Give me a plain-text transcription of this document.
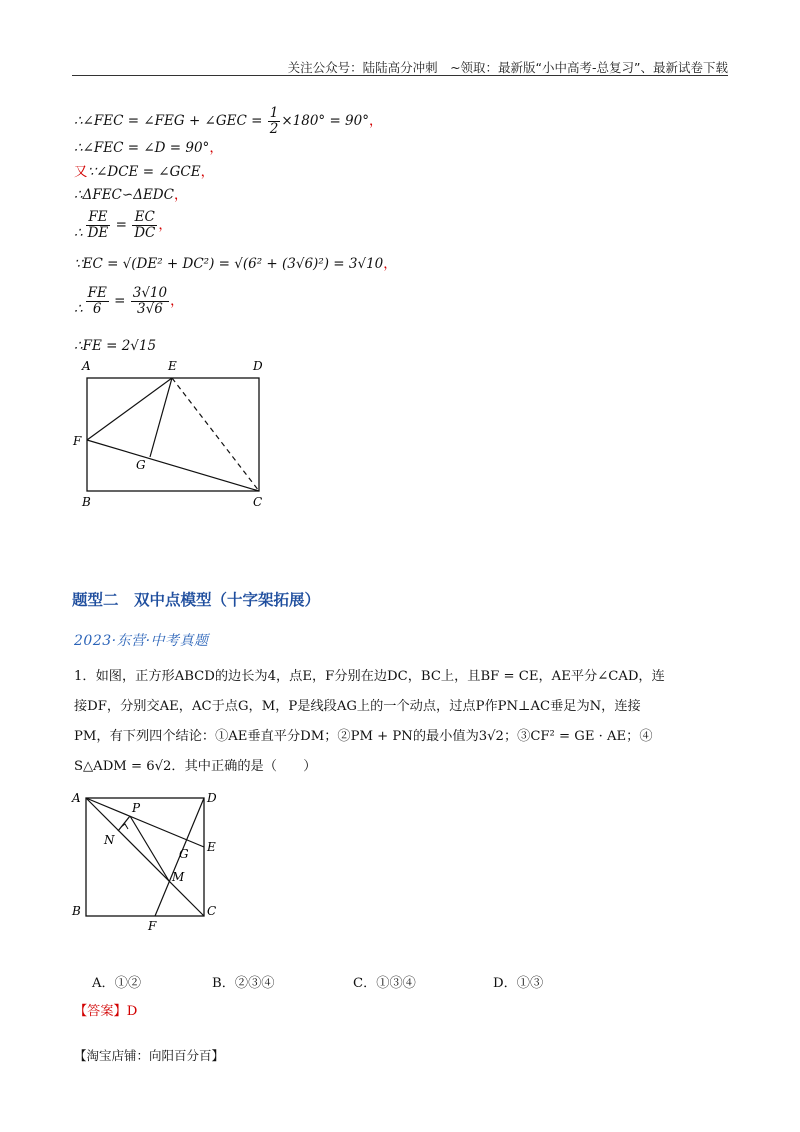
关注公众号：陆陆高分冲刺　~领取：最新版“小中高考-总复习”、最新试卷下载
∴∠FEC = ∠FEG + ∠GEC = $\frac{1}{2} \times 180^\circ = 90^\circ$，
∴∠FEC = ∠D = 90°，
又∵∠DCE = ∠GCE，
∴ΔFEC∽ΔEDC，
∴ $\frac{FE}{DE} = \frac{EC}{DC}$ ，
∵EC = √(DE² + DC²) = √(6² + (3√6)²) = 3√10，
∴ $\frac{FE}{6} = \frac{3√10}{3√6}$ ，
∴FE = 2√15
A	E	D
F
G
B	C
题型二　双中点模型（十字架拓展）
2023·东营·中考真题
1．如图，正方形ABCD的边长为4，点E，F分别在边DC，BC上，且BF = CE，AE平分∠CAD，连
接DF，分别交AE，AC于点G，M，P是线段AG上的一个动点，过点P作PN⊥AC垂足为N，连接
PM，有下列四个结论：①AE垂直平分DM；②PM + PN的最小值为3√2；③CF² = GE · AE；④
S△ADM = 6√2．其中正确的是（　　）
A
P
D
N
G E
M
B
F
C
A．①②	B．②③④	C．①③④	D．①③
【答案】D
【淘宝店铺：向阳百分百】
